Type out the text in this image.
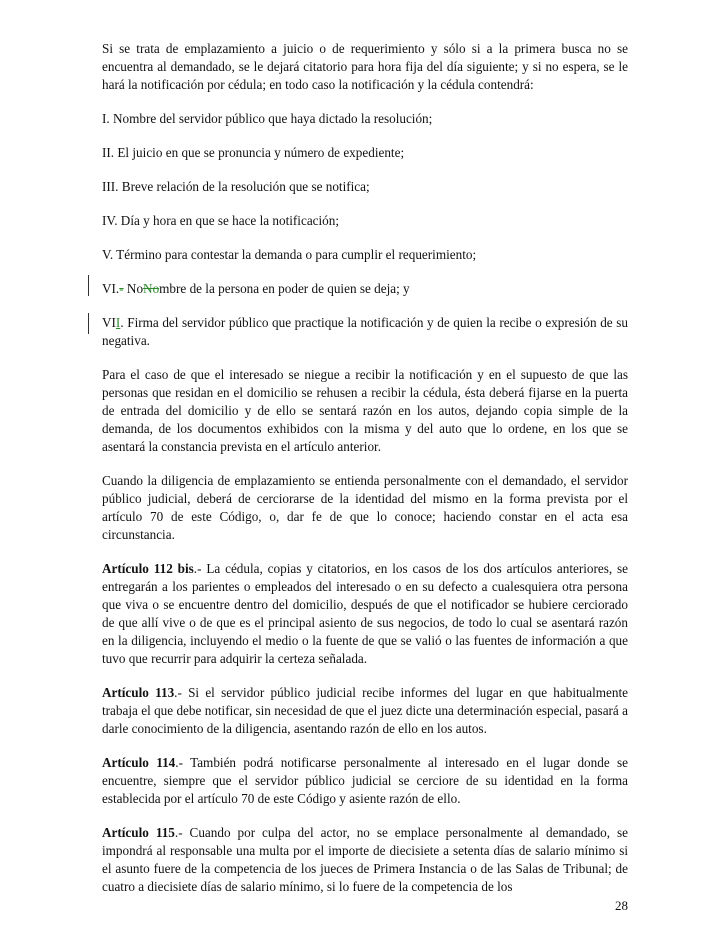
Si se trata de emplazamiento a juicio o de requerimiento y sólo si a la primera busca no se encuentra al demandado, se le dejará citatorio para hora fija del día siguiente; y si no espera, se le hará la notificación por cédula; en todo caso la notificación y la cédula contendrá:

I. Nombre del servidor público que haya dictado la resolución;

II. El juicio en que se pronuncia y número de expediente;

III. Breve relación de la resolución que se notifica;

IV. Día y hora en que se hace la notificación;

V. Término para contestar la demanda o para cumplir el requerimiento;

VI.- NoNombre de la persona en poder de quien se deja; y

VII. Firma del servidor público que practique la notificación y de quien la recibe o expresión de su negativa.

Para el caso de que el interesado se niegue a recibir la notificación y en el supuesto de que las personas que residan en el domicilio se rehusen a recibir la cédula, ésta deberá fijarse en la puerta de entrada del domicilio y de ello se sentará razón en los autos, dejando copia simple de la demanda, de los documentos exhibidos con la misma y del auto que lo ordene, en los que se asentará la constancia prevista en el artículo anterior.

Cuando la diligencia de emplazamiento se entienda personalmente con el demandado, el servidor público judicial, deberá de cerciorarse de la identidad del mismo en la forma prevista por el artículo 70 de este Código, o, dar fe de que lo conoce; haciendo constar en el acta esa circunstancia.

Artículo 112 bis.- La cédula, copias y citatorios, en los casos de los dos artículos anteriores, se entregarán a los parientes o empleados del interesado o en su defecto a cualesquiera otra persona que viva o se encuentre dentro del domicilio, después de que el notificador se hubiere cerciorado de que allí vive o de que es el principal asiento de sus negocios, de todo lo cual se asentará razón en la diligencia, incluyendo el medio o la fuente de que se valió o las fuentes de información a que tuvo que recurrir para adquirir la certeza señalada.

Artículo 113.- Si el servidor público judicial recibe informes del lugar en que habitualmente trabaja el que debe notificar, sin necesidad de que el juez dicte una determinación especial, pasará a darle conocimiento de la diligencia, asentando razón de ello en los autos.

Artículo 114.- También podrá notificarse personalmente al interesado en el lugar donde se encuentre, siempre que el servidor público judicial se cerciore de su identidad en la forma establecida por el artículo 70 de este Código y asiente razón de ello.

Artículo 115.- Cuando por culpa del actor, no se emplace personalmente al demandado, se impondrá al responsable una multa por el importe de diecisiete a setenta días de salario mínimo si el asunto fuere de la competencia de los jueces de Primera Instancia o de las Salas de Tribunal; de cuatro a diecisiete días de salario mínimo, si lo fuere de la competencia de los

28
